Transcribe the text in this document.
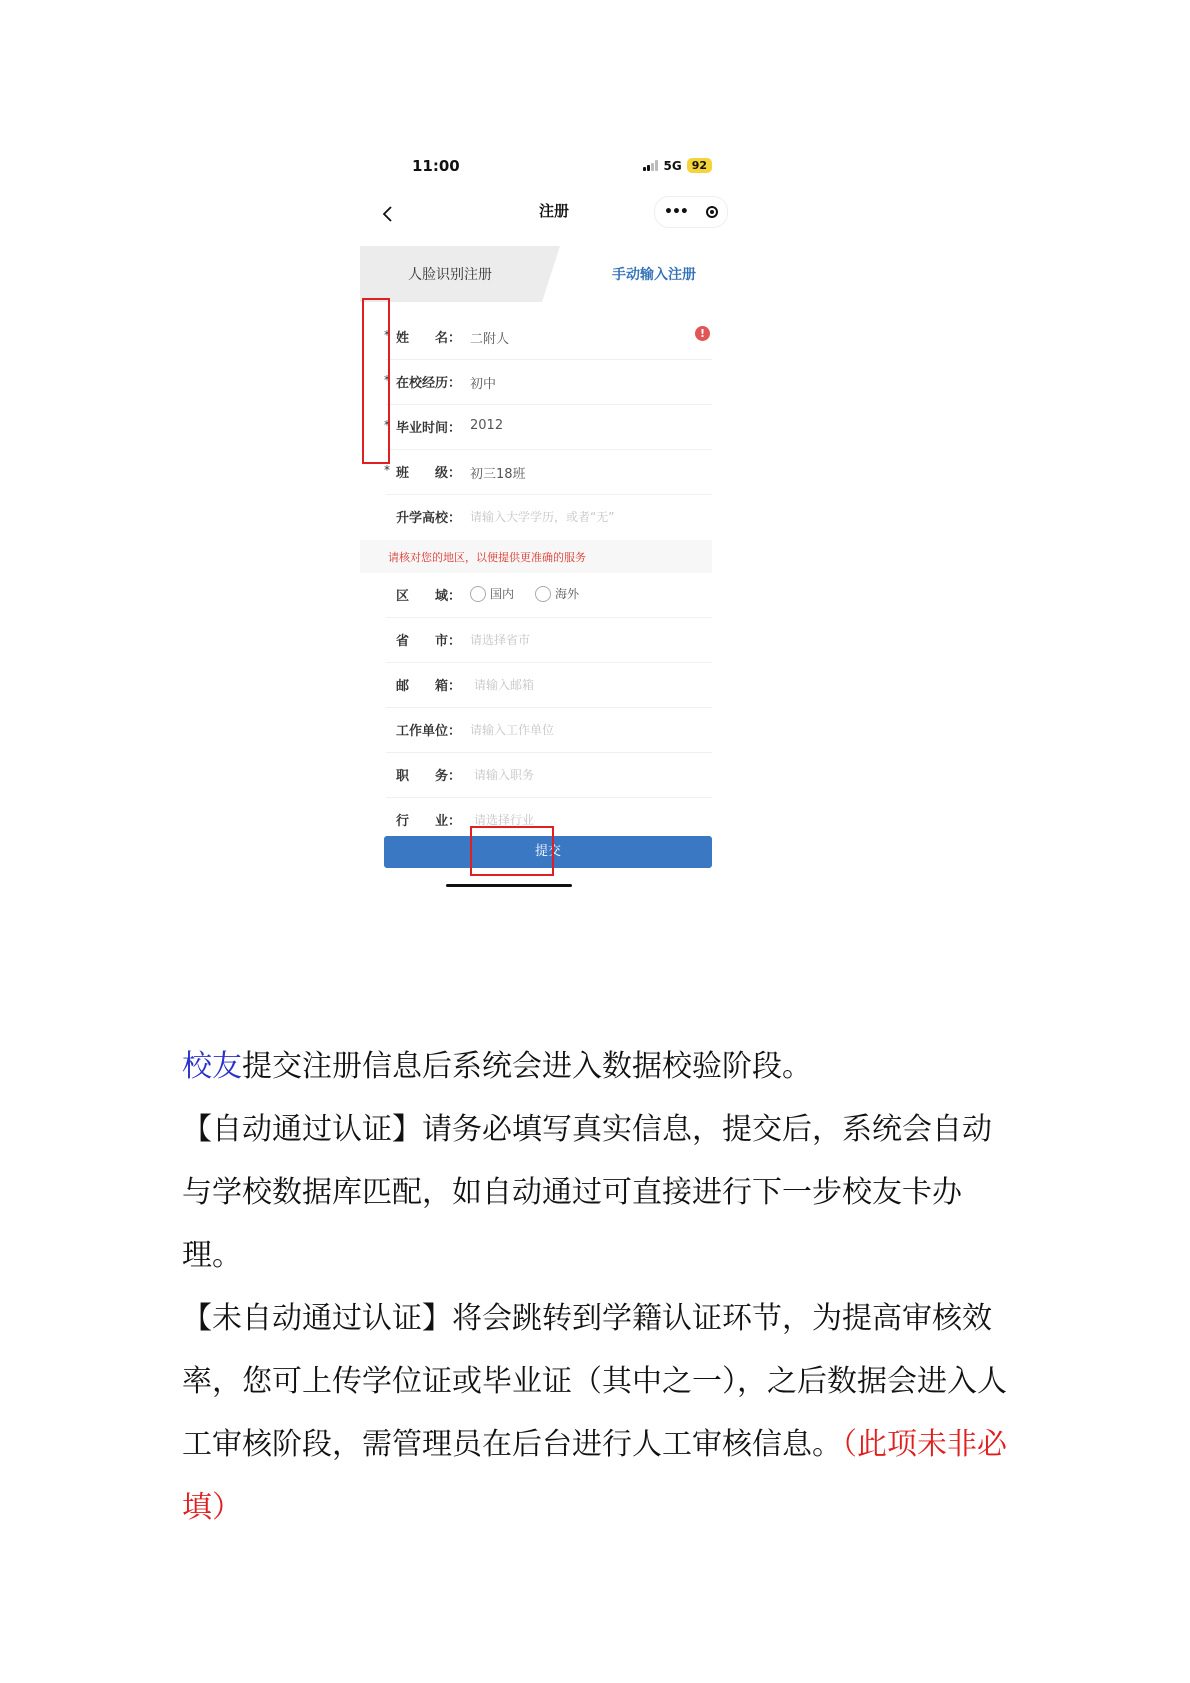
11:00	5G 92
注册	•••
人脸识别注册	手动输入注册
* 姓　　名： 二附人	!
* 在校经历： 初中
* 毕业时间： 2012
* 班　　级： 初三18班
升学高校： 请输入大学学历，或者“无”
请核对您的地区，以便提供更准确的服务
区　　域：	国内	海外
省　　市： 请选择省市
邮　　箱：	请输入邮箱
工作单位： 请输入工作单位
职　　务：	请输入职务
行　　业：	请选择行业
提交

校友提交注册信息后系统会进入数据校验阶段。

【自动通过认证】请务必填写真实信息，提交后，系统会自动与学校数据库匹配，如自动通过可直接进行下一步校友卡办理。

【未自动通过认证】将会跳转到学籍认证环节，为提高审核效率，您可上传学位证或毕业证（其中之一），之后数据会进入人工审核阶段，需管理员在后台进行人工审核信息。（此项未非必填）
